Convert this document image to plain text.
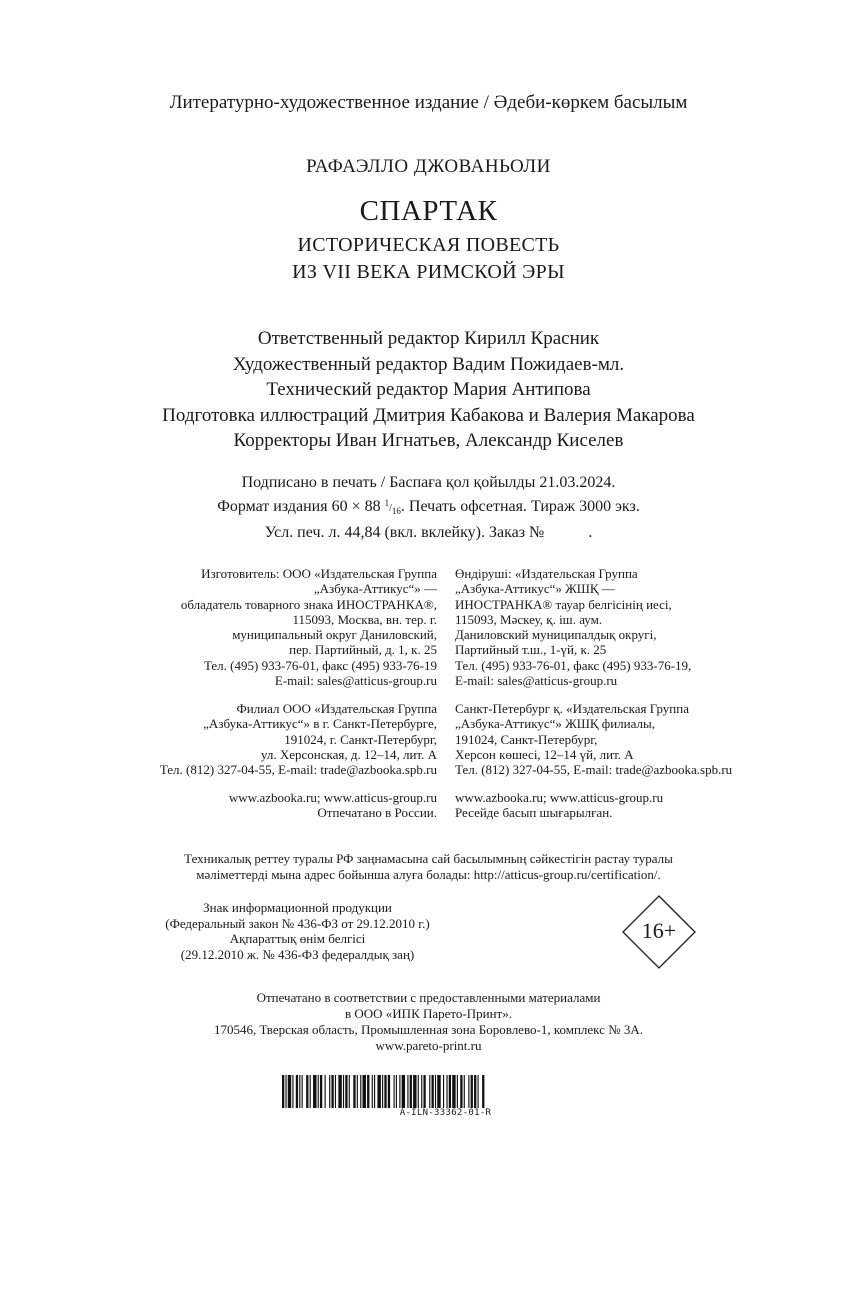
Литературно-художественное издание / Әдеби-көркем басылым
РАФАЭЛЛО ДЖОВАНЬОЛИ
СПАРТАК
ИСТОРИЧЕСКАЯ ПОВЕСТЬ
ИЗ VII ВЕКА РИМСКОЙ ЭРЫ
Ответственный редактор Кирилл Красник
Художественный редактор Вадим Пожидаев-мл.
Технический редактор Мария Антипова
Подготовка иллюстраций Дмитрия Кабакова и Валерия Макарова
Корректоры Иван Игнатьев, Александр Киселев
Подписано в печать / Баспаға қол қойылды 21.03.2024.
Формат издания 60 × 88 $^1/_{16}$. Печать офсетная. Тираж 3000 экз.
Усл. печ. л. 44,84 (вкл. вклейку). Заказ №	.
Изготовитель: ООО «Издательская Группа
„Азбука-Аттикус“» —
обладатель товарного знака ИНОСТРАНКА®,
115093, Москва, вн. тер. г.
муниципальный округ Даниловский,
пер. Партийный, д. 1, к. 25
Тел. (495) 933-76-01, факс (495) 933-76-19
E-mail: sales@atticus-group.ru
Өндіруші: «Издательская Группа
„Азбука-Аттикус“» ЖШҚ —
ИНОСТРАНКА® тауар белгісінің иесі,
115093, Мәскеу, қ. іш. аум.
Даниловский муниципалдық округі,
Партийный т.ш., 1-үй, к. 25
Тел. (495) 933-76-01, факс (495) 933-76-19,
E-mail: sales@atticus-group.ru
Филиал ООО «Издательская Группа
„Азбука-Аттикус“» в г. Санкт-Петербурге,
191024, г. Санкт-Петербург,
ул. Херсонская, д. 12–14, лит. А
Тел. (812) 327-04-55, E-mail: trade@azbooka.spb.ru
Санкт-Петербург қ. «Издательская Группа
„Азбука-Аттикус“» ЖШҚ филиалы,
191024, Санкт-Петербург,
Херсон көшесі, 12–14 үй, лит. А
Тел. (812) 327-04-55, E-mail: trade@azbooka.spb.ru
www.azbooka.ru; www.atticus-group.ru
Отпечатано в России.
www.azbooka.ru; www.atticus-group.ru
Ресейде басып шығарылған.
Техникалық реттеу туралы РФ заңнамасына сай басылымның сәйкестігін растау туралы
мәліметтерді мына адрес бойынша алуға болады: http://atticus-group.ru/certification/.
Знак информационной продукции
(Федеральный закон № 436-ФЗ от 29.12.2010 г.)
Ақпараттық өнім белгісі
(29.12.2010 ж. № 436-ФЗ федералдық заң)
16+
Отпечатано в соответствии с предоставленными материалами
в ООО «ИПК Парето-Принт».
170546, Тверская область, Промышленная зона Боровлево-1, комплекс № 3А.
www.pareto-print.ru
A-ILN-33362-01-R
